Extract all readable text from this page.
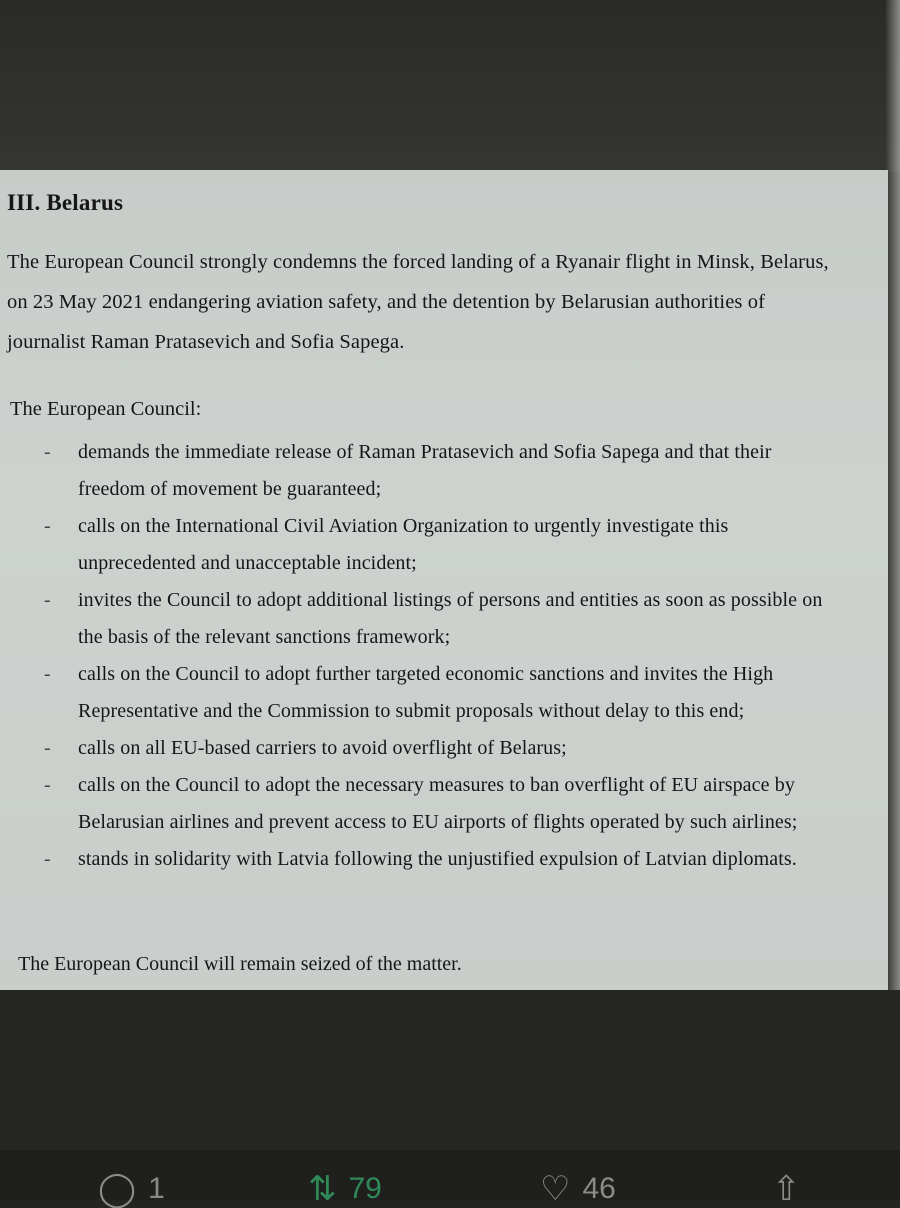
III. Belarus
The European Council strongly condemns the forced landing of a Ryanair flight in Minsk, Belarus,
on 23 May 2021 endangering aviation safety, and the detention by Belarusian authorities of
journalist Raman Pratasevich and Sofia Sapega.
The European Council:
- demands the immediate release of Raman Pratasevich and Sofia Sapega and that their
freedom of movement be guaranteed;
- calls on the International Civil Aviation Organization to urgently investigate this
unprecedented and unacceptable incident;
- invites the Council to adopt additional listings of persons and entities as soon as possible on
the basis of the relevant sanctions framework;
- calls on the Council to adopt further targeted economic sanctions and invites the High
Representative and the Commission to submit proposals without delay to this end;
- calls on all EU-based carriers to avoid overflight of Belarus;
- calls on the Council to adopt the necessary measures to ban overflight of EU airspace by
Belarusian airlines and prevent access to EU airports of flights operated by such airlines;
- stands in solidarity with Latvia following the unjustified expulsion of Latvian diplomats.
The European Council will remain seized of the matter.
◯ 1	⇅ 79	♡ 46	⇧
